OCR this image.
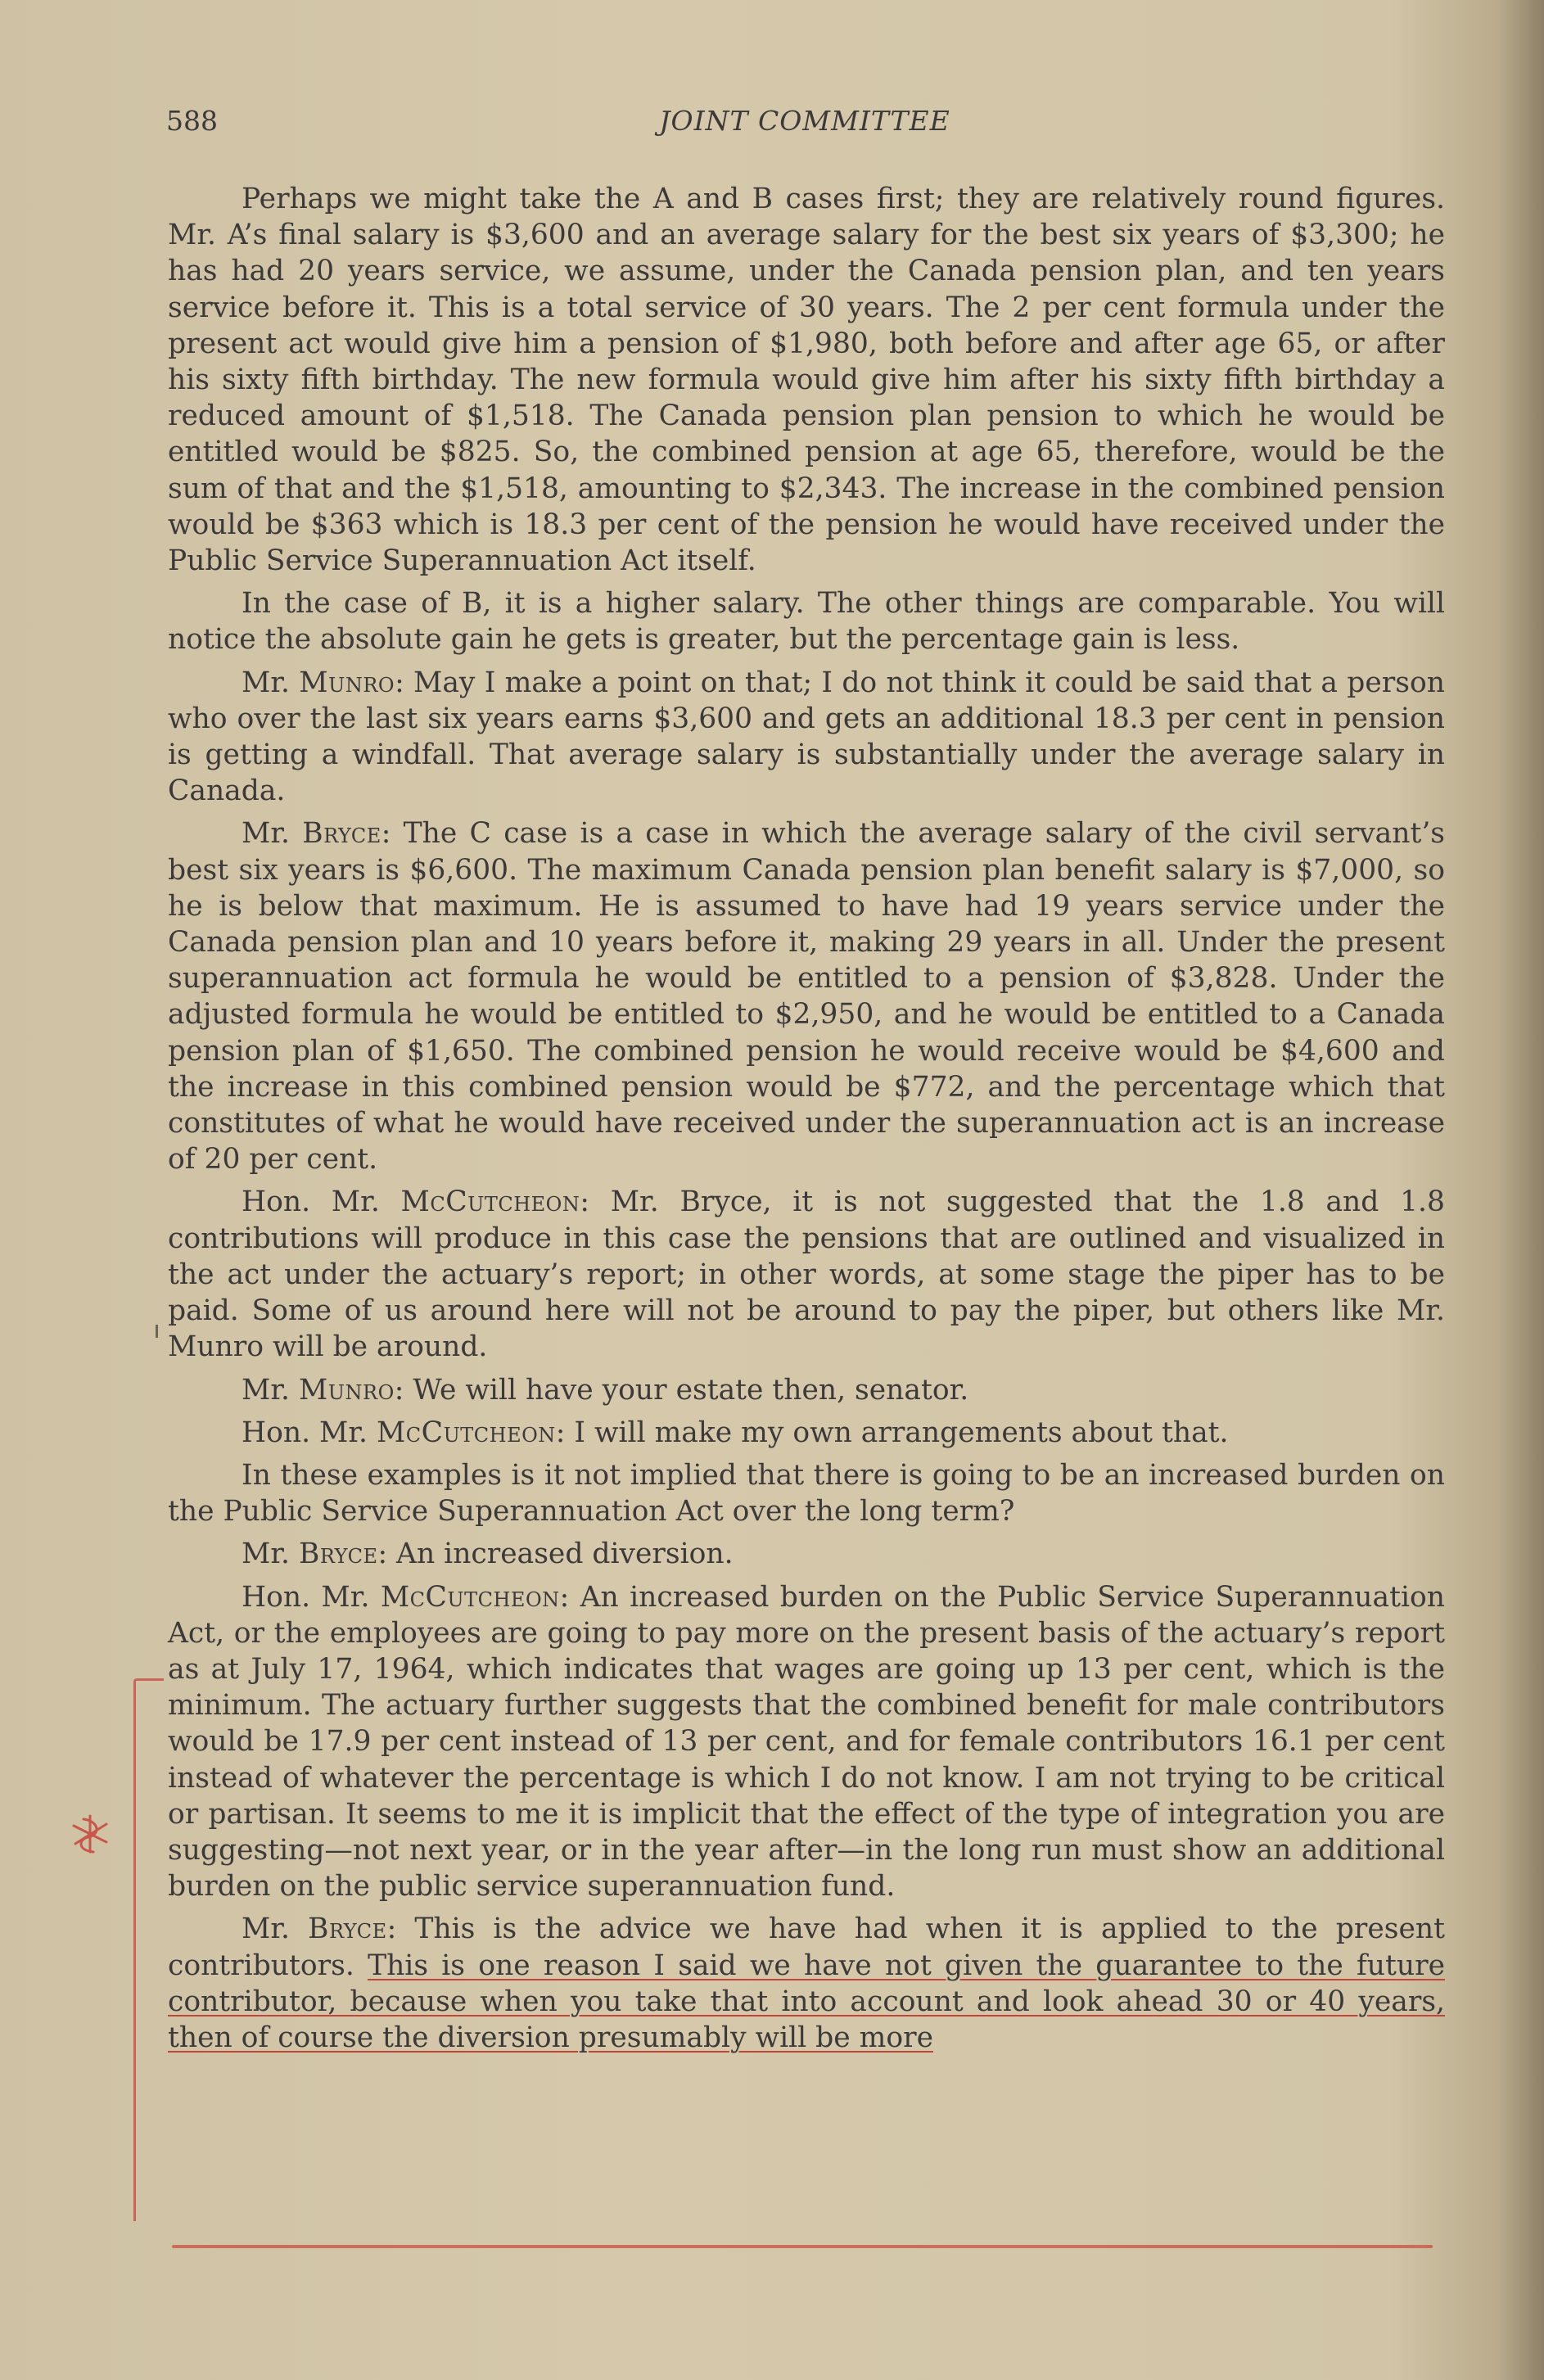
588	JOINT COMMITTEE

Perhaps we might take the A and B cases first; they are relatively round figures. Mr. A’s final salary is $3,600 and an average salary for the best six years of $3,300; he has had 20 years service, we assume, under the Canada pension plan, and ten years service before it. This is a total service of 30 years. The 2 per cent formula under the present act would give him a pension of $1,980, both before and after age 65, or after his sixty fifth birthday. The new formula would give him after his sixty fifth birthday a reduced amount of $1,518. The Canada pension plan pension to which he would be entitled would be $825. So, the combined pension at age 65, therefore, would be the sum of that and the $1,518, amounting to $2,343. The increase in the combined pension would be $363 which is 18.3 per cent of the pension he would have received under the Public Service Superannuation Act itself.

In the case of B, it is a higher salary. The other things are comparable. You will notice the absolute gain he gets is greater, but the percentage gain is less.

Mr. Munro: May I make a point on that; I do not think it could be said that a person who over the last six years earns $3,600 and gets an additional 18.3 per cent in pension is getting a windfall. That average salary is substantially under the average salary in Canada.

Mr. Bryce: The C case is a case in which the average salary of the civil servant’s best six years is $6,600. The maximum Canada pension plan benefit salary is $7,000, so he is below that maximum. He is assumed to have had 19 years service under the Canada pension plan and 10 years before it, making 29 years in all. Under the present superannuation act formula he would be entitled to a pension of $3,828. Under the adjusted formula he would be entitled to $2,950, and he would be entitled to a Canada pension plan of $1,650. The combined pension he would receive would be $4,600 and the increase in this combined pension would be $772, and the percentage which that constitutes of what he would have received under the superannuation act is an increase of 20 per cent.

Hon. Mr. McCutcheon: Mr. Bryce, it is not suggested that the 1.8 and 1.8 contributions will produce in this case the pensions that are outlined and visualized in the act under the actuary’s report; in other words, at some stage the piper has to be paid. Some of us around here will not be around to pay the piper, but others like Mr. Munro will be around.

Mr. Munro: We will have your estate then, senator.

Hon. Mr. McCutcheon: I will make my own arrangements about that.

In these examples is it not implied that there is going to be an increased burden on the Public Service Superannuation Act over the long term?

Mr. Bryce: An increased diversion.

Hon. Mr. McCutcheon: An increased burden on the Public Service Superannuation Act, or the employees are going to pay more on the present basis of the actuary’s report as at July 17, 1964, which indicates that wages are going up 13 per cent, which is the minimum. The actuary further suggests that the combined benefit for male contributors would be 17.9 per cent instead of 13 per cent, and for female contributors 16.1 per cent instead of whatever the percentage is which I do not know. I am not trying to be critical or partisan. It seems to me it is implicit that the effect of the type of integration you are suggesting—not next year, or in the year after—in the long run must show an additional burden on the public service superannuation fund.

Mr. Bryce: This is the advice we have had when it is applied to the present contributors. This is one reason I said we have not given the guarantee to the future contributor, because when you take that into account and look ahead 30 or 40 years, then of course the diversion presumably will be more
